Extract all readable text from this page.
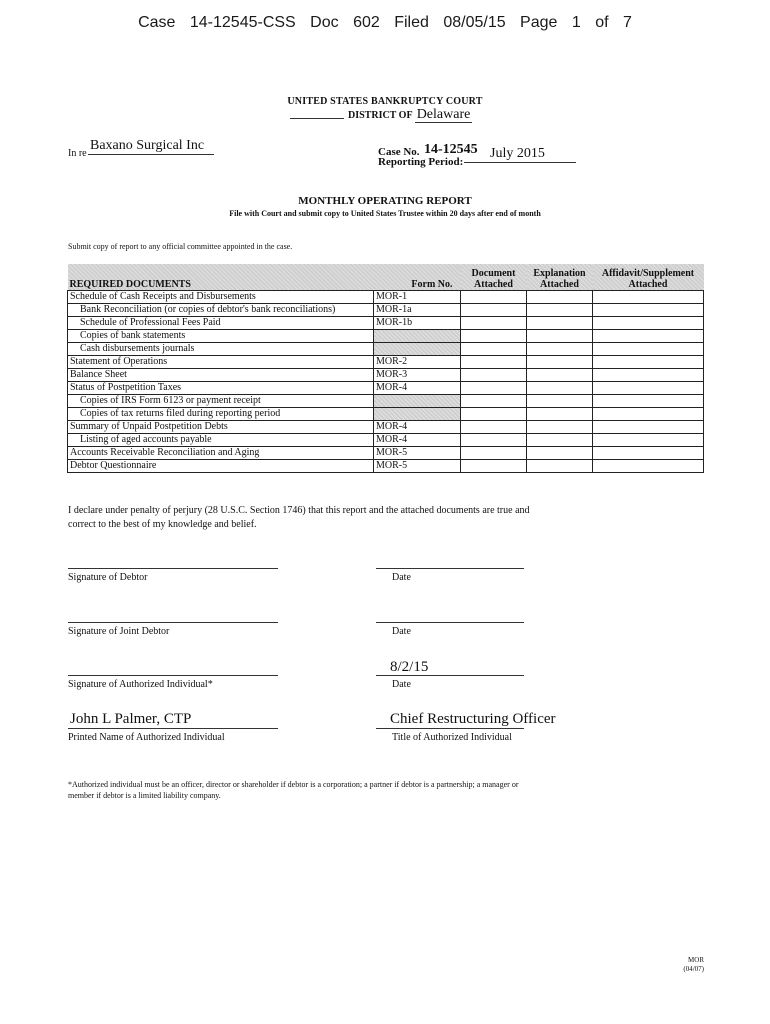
Case 14-12545-CSS Doc 602 Filed 08/05/15 Page 1 of 7
UNITED STATES BANKRUPTCY COURT
DISTRICT OF Delaware
In re
Baxano Surgical Inc	Case No. 14-12545
Reporting Period:
July 2015
MONTHLY OPERATING REPORT
File with Court and submit copy to United States Trustee within 20 days after end of month
Submit copy of report to any official committee appointed in the case.
REQUIRED DOCUMENTS	Form No.	Document Attached	Explanation Attached	Affidavit/Supplement Attached
Schedule of Cash Receipts and Disbursements	MOR-1			
Bank Reconciliation (or copies of debtor's bank reconciliations)	MOR-1a			
Schedule of Professional Fees Paid	MOR-1b			
Copies of bank statements				
Cash disbursements journals				
Statement of Operations	MOR-2			
Balance Sheet	MOR-3			
Status of Postpetition Taxes	MOR-4			
Copies of IRS Form 6123 or payment receipt				
Copies of tax returns filed during reporting period				
Summary of Unpaid Postpetition Debts	MOR-4			
Listing of aged accounts payable	MOR-4			
Accounts Receivable Reconciliation and Aging	MOR-5			
Debtor Questionnaire	MOR-5			
I declare under penalty of perjury (28 U.S.C. Section 1746) that this report and the attached documents are true and correct to the best of my knowledge and belief.
Signature of Debtor	Date
Signature of Joint Debtor	Date
Signature of Authorized Individual*
8/2/15
Date
John L Palmer, CTP
Printed Name of Authorized Individual
Chief Restructuring Officer
Title of Authorized Individual
*Authorized individual must be an officer, director or shareholder if debtor is a corporation; a partner if debtor is a partnership; a manager or member if debtor is a limited liability company.
MOR
(04/07)
